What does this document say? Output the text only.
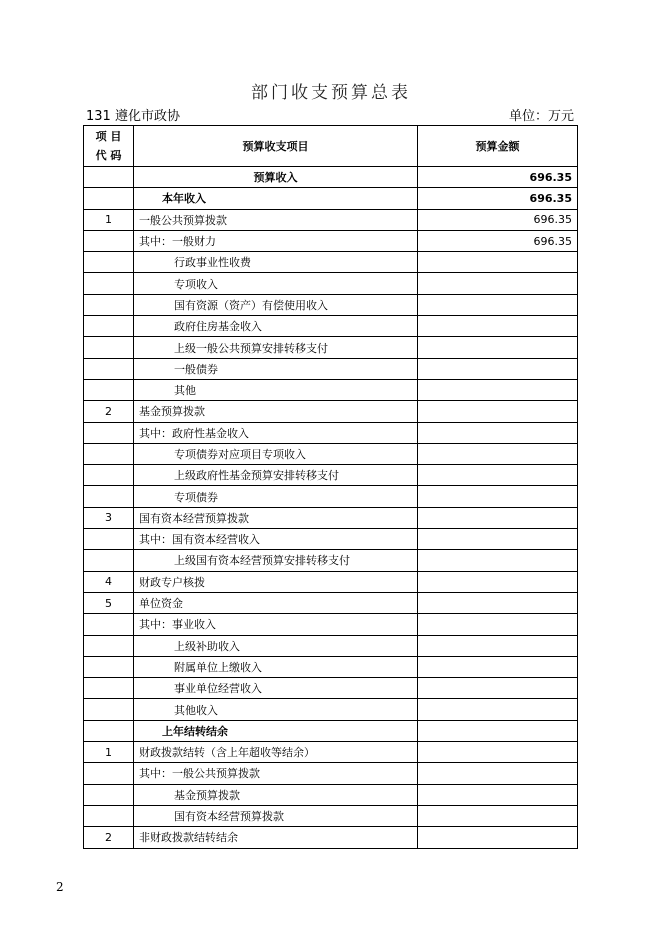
部门收支预算总表
131 遵化市政协	单位：万元
项 目
代 码	预算收支项目	预算金额
	预算收入	696.35
	本年收入	696.35
1	一般公共预算拨款	696.35
	其中：一般财力	696.35
	行政事业性收费	
	专项收入	
	国有资源（资产）有偿使用收入	
	政府住房基金收入	
	上级一般公共预算安排转移支付	
	一般债券	
	其他	
2	基金预算拨款	
	其中：政府性基金收入	
	专项债券对应项目专项收入	
	上级政府性基金预算安排转移支付	
	专项债券	
3	国有资本经营预算拨款	
	其中：国有资本经营收入	
	上级国有资本经营预算安排转移支付	
4	财政专户核拨	
5	单位资金	
	其中：事业收入	
	上级补助收入	
	附属单位上缴收入	
	事业单位经营收入	
	其他收入	
	上年结转结余	
1	财政拨款结转（含上年超收等结余）	
	其中：一般公共预算拨款	
	基金预算拨款	
	国有资本经营预算拨款	
2	非财政拨款结转结余	
2
